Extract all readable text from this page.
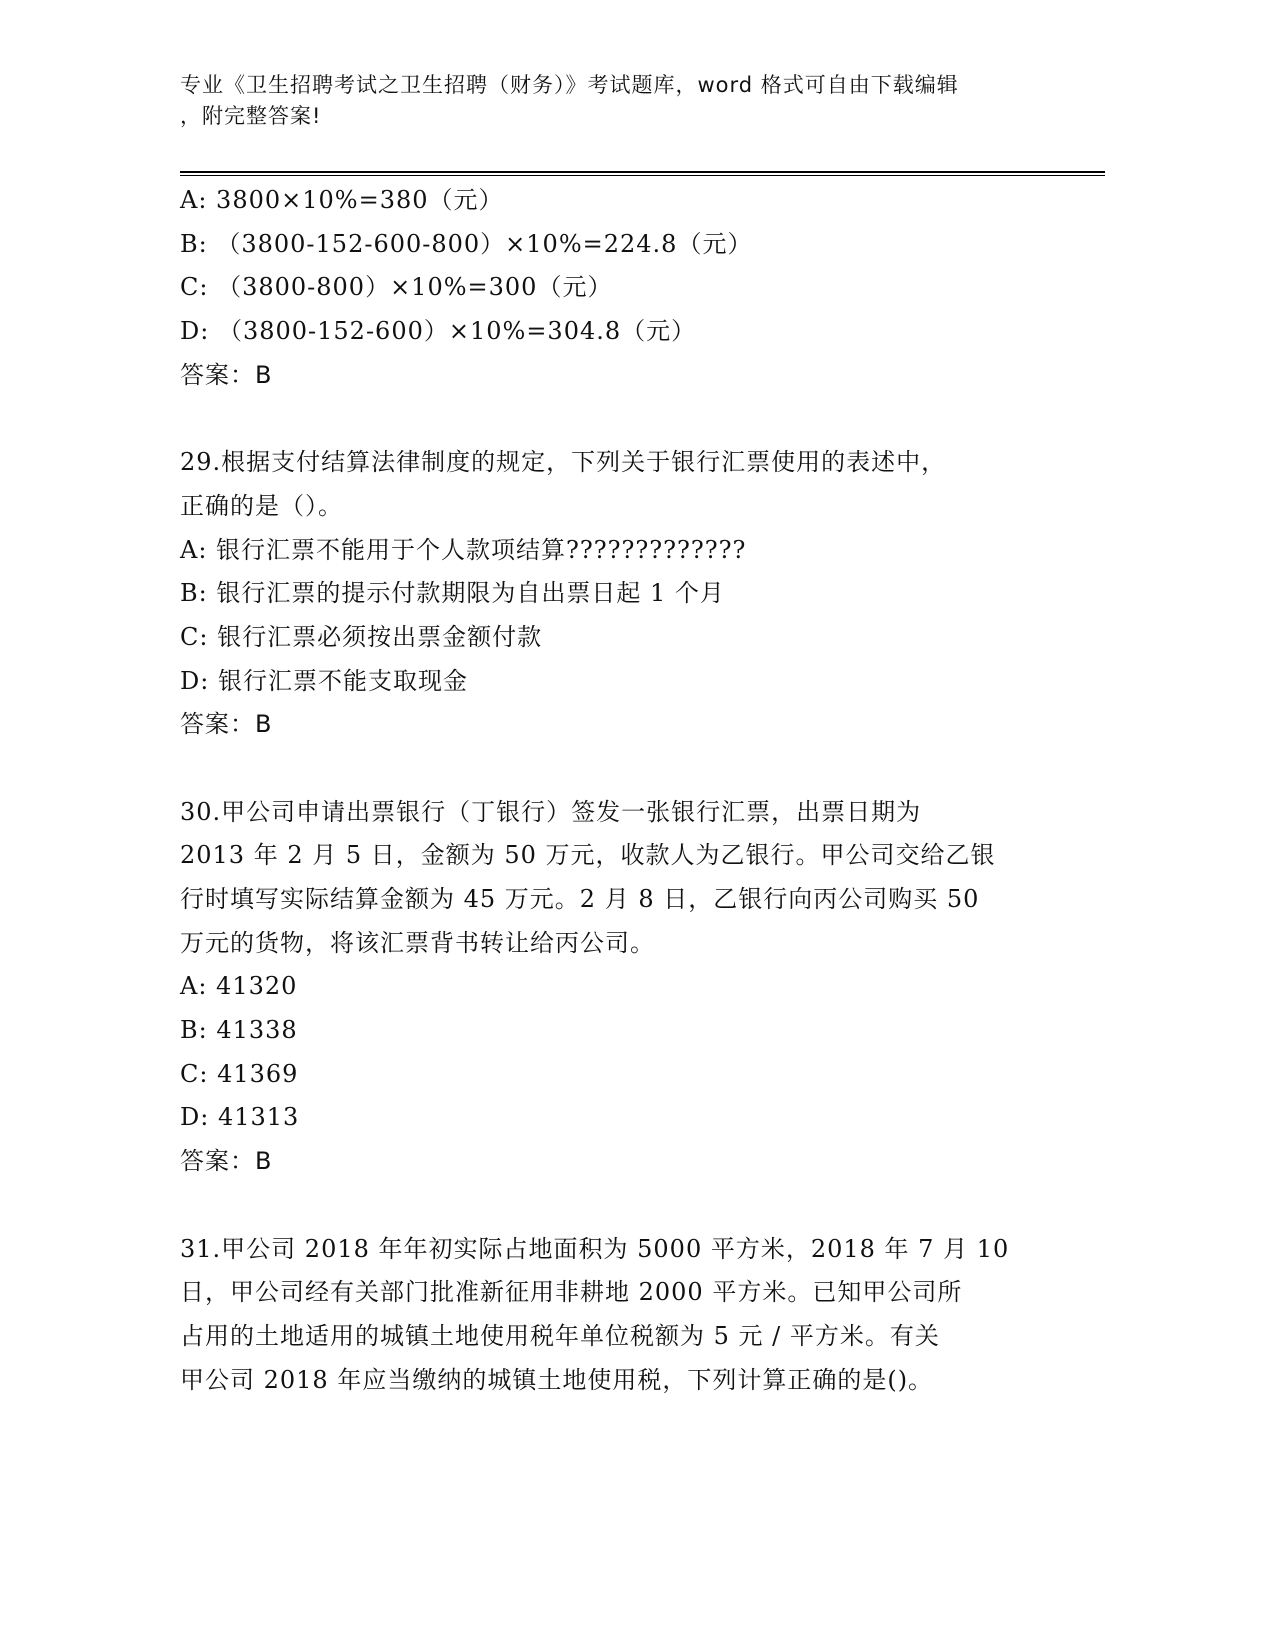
专业《卫生招聘考试之卫生招聘（财务）》考试题库，word 格式可自由下载编辑
，附完整答案!
A: 3800×10%=380（元）
B: （3800-152-600-800）×10%=224.8（元）
C: （3800-800）×10%=300（元）
D: （3800-152-600）×10%=304.8（元）
答案：B
29.根据支付结算法律制度的规定，下列关于银行汇票使用的表述中，
正确的是（）。
A: 银行汇票不能用于个人款项结算?????????????
B: 银行汇票的提示付款期限为自出票日起 1 个月
C: 银行汇票必须按出票金额付款
D: 银行汇票不能支取现金
答案：B
30.甲公司申请出票银行（丁银行）签发一张银行汇票，出票日期为
2013 年 2 月 5 日，金额为 50 万元，收款人为乙银行。甲公司交给乙银
行时填写实际结算金额为 45 万元。2 月 8 日，乙银行向丙公司购买 50
万元的货物，将该汇票背书转让给丙公司。
A: 41320
B: 41338
C: 41369
D: 41313
答案：B
31.甲公司 2018 年年初实际占地面积为 5000 平方米，2018 年 7 月 10
日，甲公司经有关部门批准新征用非耕地 2000 平方米。已知甲公司所
占用的土地适用的城镇土地使用税年单位税额为 5 元 / 平方米。有关
甲公司 2018 年应当缴纳的城镇土地使用税，下列计算正确的是()。
